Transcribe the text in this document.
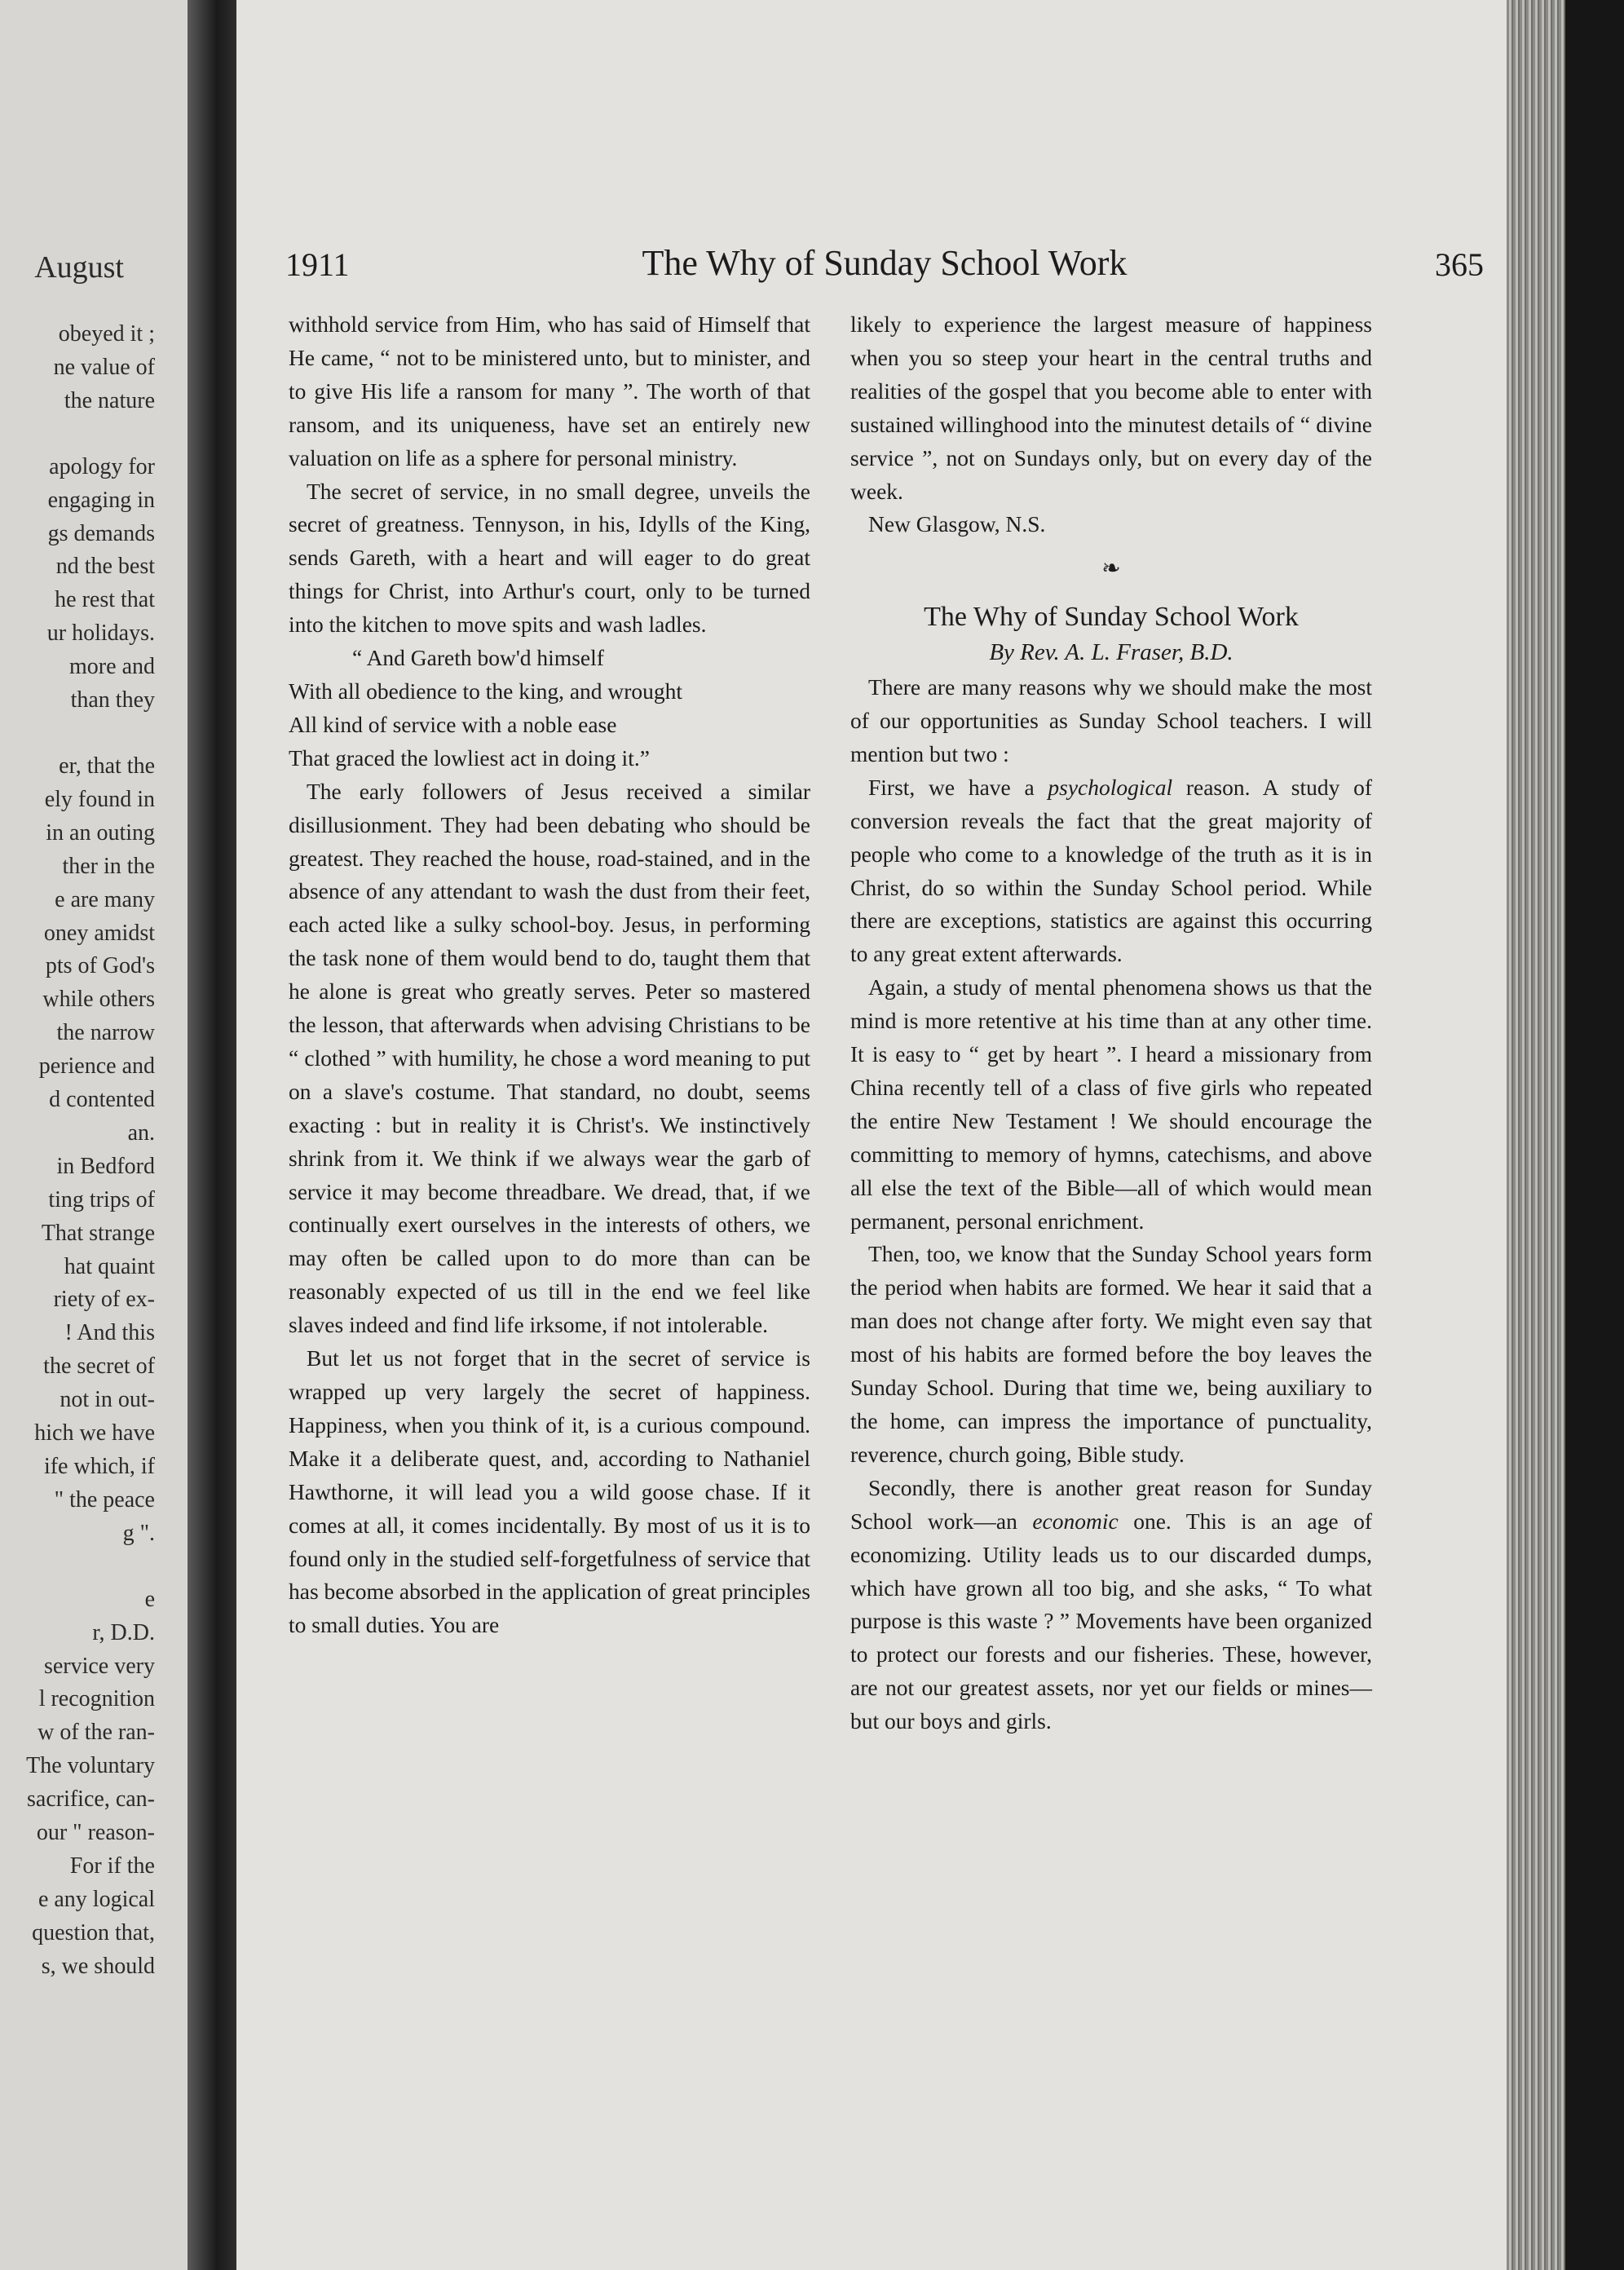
August
obeyed it ;
ne value of
the nature
apology for
engaging in
gs demands
nd the best
he rest that
ur holidays.
more and
than they
er, that the
ely found in
in an outing
ther in the
e are many
oney amidst
pts of God's
while others
the narrow
perience and
d contented
an.
in Bedford
ting trips of
That strange
hat quaint
riety of ex-
! And this
the secret of
not in out-
hich we have
ife which, if
" the peace
g ".
e
r, D.D.
service very
l recognition
w of the ran-
The voluntary
sacrifice, can-
our " reason-
For if the
e any logical
question that,
s, we should
1911	The Why of Sunday School Work	365

withhold service from Him, who has said of Himself that He came, “ not to be ministered unto, but to minister, and to give His life a ransom for many ”. The worth of that ransom, and its uniqueness, have set an entirely new valuation on life as a sphere for personal ministry.

The secret of service, in no small degree, unveils the secret of greatness. Tennyson, in his, Idylls of the King, sends Gareth, with a heart and will eager to do great things for Christ, into Arthur's court, only to be turned into the kitchen to move spits and wash ladles.

“ And Gareth bow'd himself
With all obedience to the king, and wrought
All kind of service with a noble ease
That graced the lowliest act in doing it.”

The early followers of Jesus received a similar disillusionment. They had been debating who should be greatest. They reached the house, road-stained, and in the absence of any attendant to wash the dust from their feet, each acted like a sulky school-boy. Jesus, in performing the task none of them would bend to do, taught them that he alone is great who greatly serves. Peter so mastered the lesson, that afterwards when advising Christians to be “ clothed ” with humility, he chose a word meaning to put on a slave's costume. That standard, no doubt, seems exacting : but in reality it is Christ's. We instinctively shrink from it. We think if we always wear the garb of service it may become threadbare. We dread, that, if we continually exert ourselves in the interests of others, we may often be called upon to do more than can be reasonably expected of us till in the end we feel like slaves indeed and find life irksome, if not intolerable.

But let us not forget that in the secret of service is wrapped up very largely the secret of happiness. Happiness, when you think of it, is a curious compound. Make it a deliberate quest, and, according to Nathaniel Hawthorne, it will lead you a wild goose chase. If it comes at all, it comes incidentally. By most of us it is to found only in the studied self-forgetfulness of service that has become absorbed in the application of great principles to small duties. You are

likely to experience the largest measure of happiness when you so steep your heart in the central truths and realities of the gospel that you become able to enter with sustained willinghood into the minutest details of “ divine service ”, not on Sundays only, but on every day of the week.

New Glasgow, N.S.
❧
The Why of Sunday School Work
By Rev. A. L. Fraser, B.D.

There are many reasons why we should make the most of our opportunities as Sunday School teachers. I will mention but two :

First, we have a psychological reason. A study of conversion reveals the fact that the great majority of people who come to a knowledge of the truth as it is in Christ, do so within the Sunday School period. While there are exceptions, statistics are against this occurring to any great extent afterwards.

Again, a study of mental phenomena shows us that the mind is more retentive at his time than at any other time. It is easy to “ get by heart ”. I heard a missionary from China recently tell of a class of five girls who repeated the entire New Testament ! We should encourage the committing to memory of hymns, catechisms, and above all else the text of the Bible—all of which would mean permanent, personal enrichment.

Then, too, we know that the Sunday School years form the period when habits are formed. We hear it said that a man does not change after forty. We might even say that most of his habits are formed before the boy leaves the Sunday School. During that time we, being auxiliary to the home, can impress the importance of punctuality, reverence, church going, Bible study.

Secondly, there is another great reason for Sunday School work—an economic one. This is an age of economizing. Utility leads us to our discarded dumps, which have grown all too big, and she asks, “ To what purpose is this waste ? ” Movements have been organized to protect our forests and our fisheries. These, however, are not our greatest assets, nor yet our fields or mines—but our boys and girls.
